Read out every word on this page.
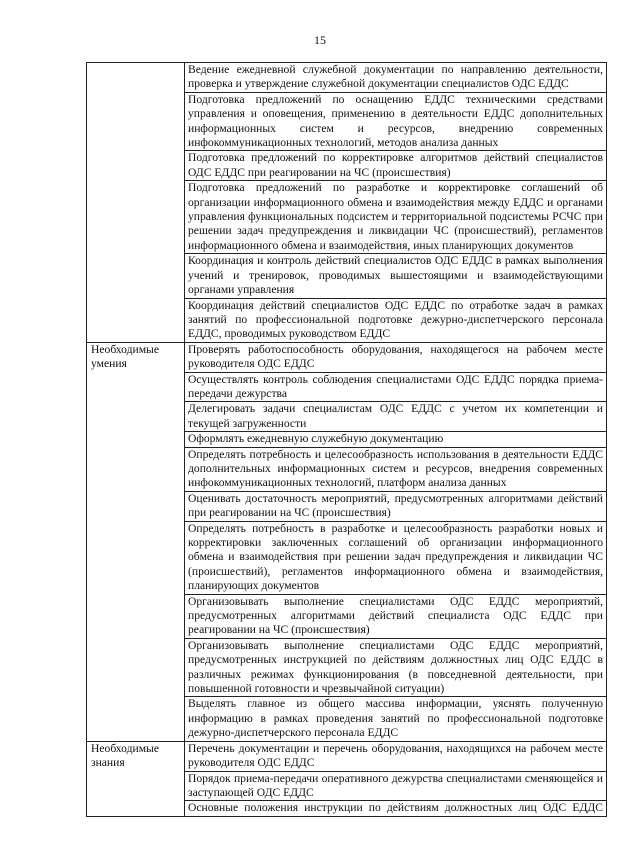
15
	Ведение ежедневной служебной документации по направлению деятельности, проверка и утверждение служебной документации специалистов ОДС ЕДДС
	Подготовка предложений по оснащению ЕДДС техническими средствами управления и оповещения, применению в деятельности ЕДДС дополнительных информационных систем и ресурсов, внедрению современных инфокоммуникационных технологий, методов анализа данных
	Подготовка предложений по корректировке алгоритмов действий специалистов ОДС ЕДДС при реагировании на ЧС (происшествия)
	Подготовка предложений по разработке и корректировке соглашений об организации информационного обмена и взаимодействия между ЕДДС и органами управления функциональных подсистем и территориальной подсистемы РСЧС при решении задач предупреждения и ликвидации ЧС (происшествий), регламентов информационного обмена и взаимодействия, иных планирующих документов
	Координация и контроль действий специалистов ОДС ЕДДС в рамках выполнения учений и тренировок, проводимых вышестоящими и взаимодействующими органами управления
	Координация действий специалистов ОДС ЕДДС по отработке задач в рамках занятий по профессиональной подготовке дежурно-диспетчерского персонала ЕДДС, проводимых руководством ЕДДС
Необходимые умения	Проверять работоспособность оборудования, находящегося на рабочем месте руководителя ОДС ЕДДС
	Осуществлять контроль соблюдения специалистами ОДС ЕДДС порядка приема-передачи дежурства
	Делегировать задачи специалистам ОДС ЕДДС с учетом их компетенции и текущей загруженности
	Оформлять ежедневную служебную документацию
	Определять потребность и целесообразность использования в деятельности ЕДДС дополнительных информационных систем и ресурсов, внедрения современных инфокоммуникационных технологий, платформ анализа данных
	Оценивать достаточность мероприятий, предусмотренных алгоритмами действий при реагировании на ЧС (происшествия)
	Определять потребность в разработке и целесообразность разработки новых и корректировки заключенных соглашений об организации информационного обмена и взаимодействия при решении задач предупреждения и ликвидации ЧС (происшествий), регламентов информационного обмена и взаимодействия, планирующих документов
	Организовывать выполнение специалистами ОДС ЕДДС мероприятий, предусмотренных алгоритмами действий специалиста ОДС ЕДДС при реагировании на ЧС (происшествия)
	Организовывать выполнение специалистами ОДС ЕДДС мероприятий, предусмотренных инструкцией по действиям должностных лиц ОДС ЕДДС в различных режимах функционирования (в повседневной деятельности, при повышенной готовности и чрезвычайной ситуации)
	Выделять главное из общего массива информации, уяснять полученную информацию в рамках проведения занятий по профессиональной подготовке дежурно-диспетчерского персонала ЕДДС
Необходимые знания	Перечень документации и перечень оборудования, находящихся на рабочем месте руководителя ОДС ЕДДС
	Порядок приема-передачи оперативного дежурства специалистами сменяющейся и заступающей ОДС ЕДДС
	Основные положения инструкции по действиям должностных лиц ОДС ЕДДС
